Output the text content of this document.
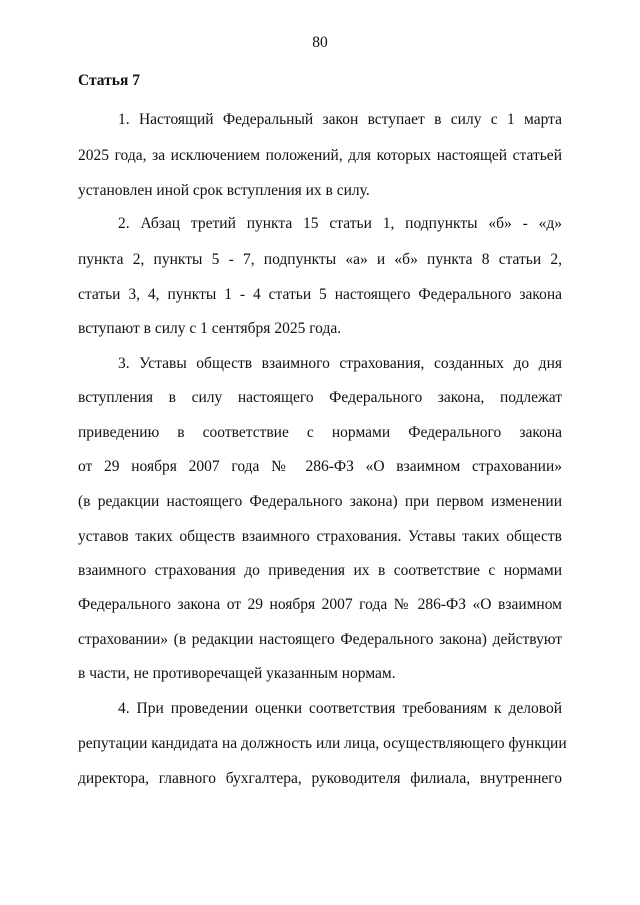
80
Статья 7
1. Настоящий Федеральный закон вступает в силу с 1 марта
2025 года, за исключением положений, для которых настоящей статьей
установлен иной срок вступления их в силу.
2. Абзац третий пункта 15 статьи 1, подпункты «б» - «д»
пункта 2, пункты 5 - 7, подпункты «а» и «б» пункта 8 статьи 2,
статьи 3, 4, пункты 1 - 4 статьи 5 настоящего Федерального закона
вступают в силу с 1 сентября 2025 года.
3. Уставы обществ взаимного страхования, созданных до дня
вступления в силу настоящего Федерального закона, подлежат
приведению в соответствие с нормами Федерального закона
от 29 ноября 2007 года № 286-ФЗ «О взаимном страховании»
(в редакции настоящего Федерального закона) при первом изменении
уставов таких обществ взаимного страхования. Уставы таких обществ
взаимного страхования до приведения их в соответствие с нормами
Федерального закона от 29 ноября 2007 года № 286-ФЗ «О взаимном
страховании» (в редакции настоящего Федерального закона) действуют
в части, не противоречащей указанным нормам.
4. При проведении оценки соответствия требованиям к деловой
репутации кандидата на должность или лица, осуществляющего функции
директора, главного бухгалтера, руководителя филиала, внутреннего
